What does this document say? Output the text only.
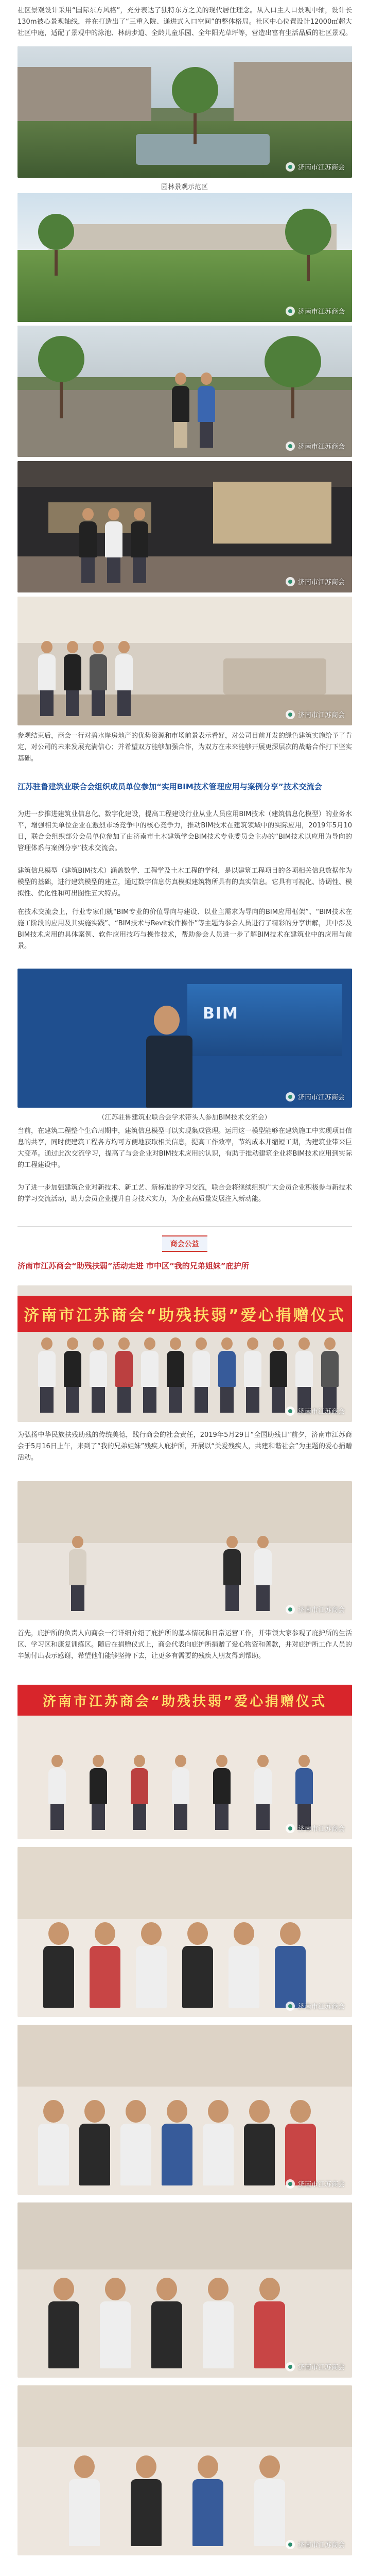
社区景观设计采用“国际东方风格”，充分表达了独特东方之美的现代居住理念。从入口主人口景观中轴，设计长130m被心景观轴线，并在打造出了“三重入院、递进式入口空间”的整体格局。社区中心位置设计12000㎡超大社区中庭，适配了景观中的泳池、林荫步道、全龄儿童乐园、全年阳光草坪等，营造出富有生活品质的社区景观。

济南市江苏商会
园林景观示范区
济南市江苏商会
济南市江苏商会
济南市江苏商会
济南市江苏商会

参观结束后，商会一行对碧水岸房地产的优势资源和市场前景表示看好，对公司目前开发的绿色建筑实施给予了肯定，对公司的未来发展充满信心；并希望双方能够加强合作，为双方在未来能够开展更深层次的战略合作打下坚实基础。

江苏驻鲁建筑业联合会组织成员单位参加“实用BIM技术管理应用与案例分享”技术交流会

为进一步推进建筑业信息化、数字化建设，提高工程建设行业从业人员应用BIM技术（建筑信息化模型）的业务水平，增强相关单位企业在激烈市场竞争中的核心竞争力，推动BIM技术在建筑领域中的实际应用，2019年5月10日，联合会组织部分会员单位参加了由济南市土木建筑学会BIM技术专业委员会主办的“BIM技术以应用为导向的管理体系与案例分享”技术交流会。

建筑信息模型（建筑BIM技术）涵盖数学、工程学及土木工程的学科，是以建筑工程项目的各项相关信息数据作为模型的基础，进行建筑模型的建立，通过数字信息仿真模拟建筑物所具有的真实信息。它具有可视化、协调性、模拟性、优化性和可出图性五大特点。

在技术交流会上，行业专家们就“BIM专业的价值导向与建设、以业主需求为导向的BIM应用框架”、“BIM技术在施工阶段的应用及其实施实践”、“BIM技术与Revit软件操作”等主题为参会人员进行了精彩的分享讲解，其中涉及BIM技术应用的具体案例、软件应用技巧与操作技术，帮助参会人员进一步了解BIM技术在建筑业中的应用与前景。

BIM
济南市江苏商会
（江苏驻鲁建筑业联合会学术带头人参加BIM技术交流会）

当前，在建筑工程整个生命周期中，建筑信息模型可以实现集成管理。运用这一模型能够在建筑施工中实现项目信息的共享，同时使建筑工程各方均可方便地获取相关信息，提高工作效率，节约成本并缩短工期，为建筑业带来巨大变革。通过此次交流学习，提高了与会企业对BIM技术应用的认识，有助于推动建筑企业将BIM技术应用到实际的工程建设中。

为了进一步加强建筑企业对新技术、新工艺、新标准的学习交流，联合会将继续组织广大会员企业积极参与新技术的学习交流活动，助力会员企业提升自身技术实力，为企业高质量发展注入新动能。

商会公益
济南市江苏商会“助残扶弱”活动走进 市中区“我的兄弟姐妹”庇护所
济南市江苏商会“助残扶弱”爱心捐赠仪式
济南市江苏商会

为弘扬中华民族扶残助残的传统美德，践行商会的社会责任，2019年5月29日“全国助残日”前夕，济南市江苏商会于5月16日上午，来到了“我的兄弟姐妹”残疾人庇护所，开展以“关爱残疾人，共建和谐社会”为主题的爱心捐赠活动。

济南市江苏商会

首先，庇护所的负责人向商会一行详细介绍了庇护所的基本情况和日常运营工作，并带领大家参观了庇护所的生活区、学习区和康复训练区。随后在捐赠仪式上，商会代表向庇护所捐赠了爱心物资和善款，并对庇护所工作人员的辛勤付出表示感谢，希望他们能够坚持下去，让更多有需要的残疾人朋友得到帮助。

济南市江苏商会“助残扶弱”爱心捐赠仪式
济南市江苏商会
济南市江苏商会
济南市江苏商会
济南市江苏商会
济南市江苏商会
